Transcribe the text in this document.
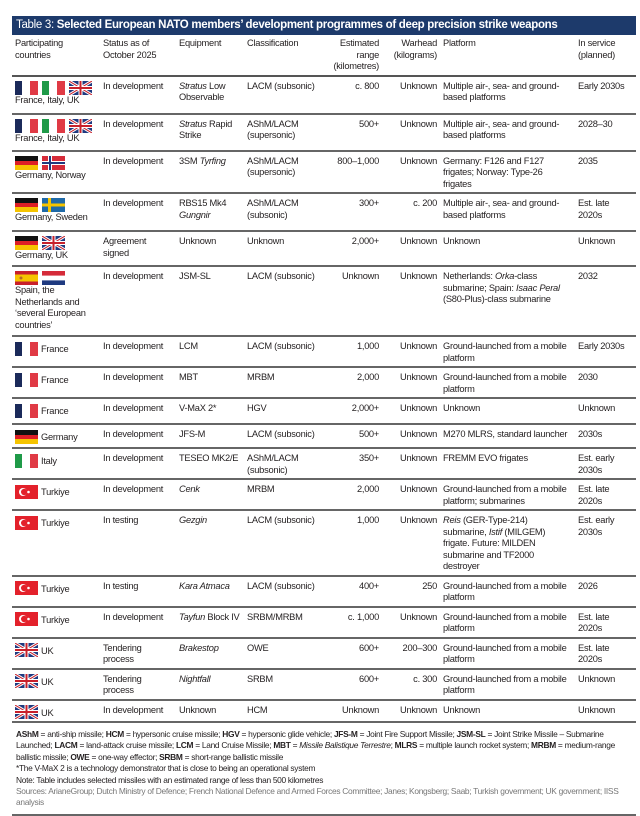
Table 3: Selected European NATO members’ development programmes of deep precision strike weapons
Participating countries	Status as of October 2025	Equipment	Classification	Estimated range (kilometres)	Warhead (kilograms)	Platform	In service (planned)

France, Italy, UK	In development	Stratus Low Observable	LACM (subsonic)	c. 800	Unknown	Multiple air-, sea- and ground-based platforms	Early 2030s

France, Italy, UK	In development	Stratus Rapid Strike	AShM/LACM (supersonic)	500+	Unknown	Multiple air-, sea- and ground-based platforms	2028–30

Germany, Norway	In development	3SM Tyrfing	AShM/LACM (supersonic)	800–1,000	Unknown	Germany: F126 and F127 frigates; Norway: Type-26 frigates	2035

Germany, Sweden	In development	RBS15 Mk4 Gungnir	AShM/LACM (subsonic)	300+	c. 200	Multiple air-, sea- and ground-based platforms	Est. late 2020s

Germany, UK	Agreement signed	Unknown	Unknown	2,000+	Unknown	Unknown	Unknown

Spain, the Netherlands and ‘several European countries’	In development	JSM-SL	LACM (subsonic)	Unknown	Unknown	Netherlands: Orka-class submarine; Spain: Isaac Peral (S80-Plus)-class submarine	2032

France	In development	LCM	LACM (subsonic)	1,000	Unknown	Ground-launched from a mobile platform	Early 2030s

France	In development	MBT	MRBM	2,000	Unknown	Ground-launched from a mobile platform	2030

France	In development	V-MaX 2*	HGV	2,000+	Unknown	Unknown	Unknown

Germany	In development	JFS-M	LACM (subsonic)	500+	Unknown	M270 MLRS, standard launcher	2030s

Italy	In development	TESEO MK2/E	AShM/LACM (subsonic)	350+	Unknown	FREMM EVO frigates	Est. early 2030s

Turkiye	In development	Cenk	MRBM	2,000	Unknown	Ground-launched from a mobile platform; submarines	Est. late 2020s

Turkiye	In testing	Gezgin	LACM (subsonic)	1,000	Unknown	Reis (GER-Type-214) submarine, Istif (MILGEM) frigate. Future: MILDEN submarine and TF2000 destroyer	Est. early 2030s

Turkiye	In testing	Kara Atmaca	LACM (subsonic)	400+	250	Ground-launched from a mobile platform	2026

Turkiye	In development	Tayfun Block IV	SRBM/MRBM	c. 1,000	Unknown	Ground-launched from a mobile platform	Est. late 2020s

UK	Tendering process	Brakestop	OWE	600+	200–300	Ground-launched from a mobile platform	Est. late 2020s

UK	Tendering process	Nightfall	SRBM	600+	c. 300	Ground-launched from a mobile platform	Unknown

UK	In development	Unknown	HCM	Unknown	Unknown	Unknown	Unknown
AShM = anti-ship missile; HCM = hypersonic cruise missile; HGV = hypersonic glide vehicle; JFS-M = Joint Fire Support Missile; JSM-SL = Joint Strike Missile – Submarine Launched; LACM = land-attack cruise missile; LCM = Land Cruise Missile; MBT = Missile Balistique Terrestre; MLRS = multiple launch rocket system; MRBM = medium-range ballistic missile; OWE = one-way effector; SRBM = short-range ballistic missile
*The V-MaX 2 is a technology demonstrator that is close to being an operational system
Note: Table includes selected missiles with an estimated range of less than 500 kilometres
Sources: ArianeGroup; Dutch Ministry of Defence; French National Defence and Armed Forces Committee; Janes; Kongsberg; Saab; Turkish government; UK government; IISS analysis
